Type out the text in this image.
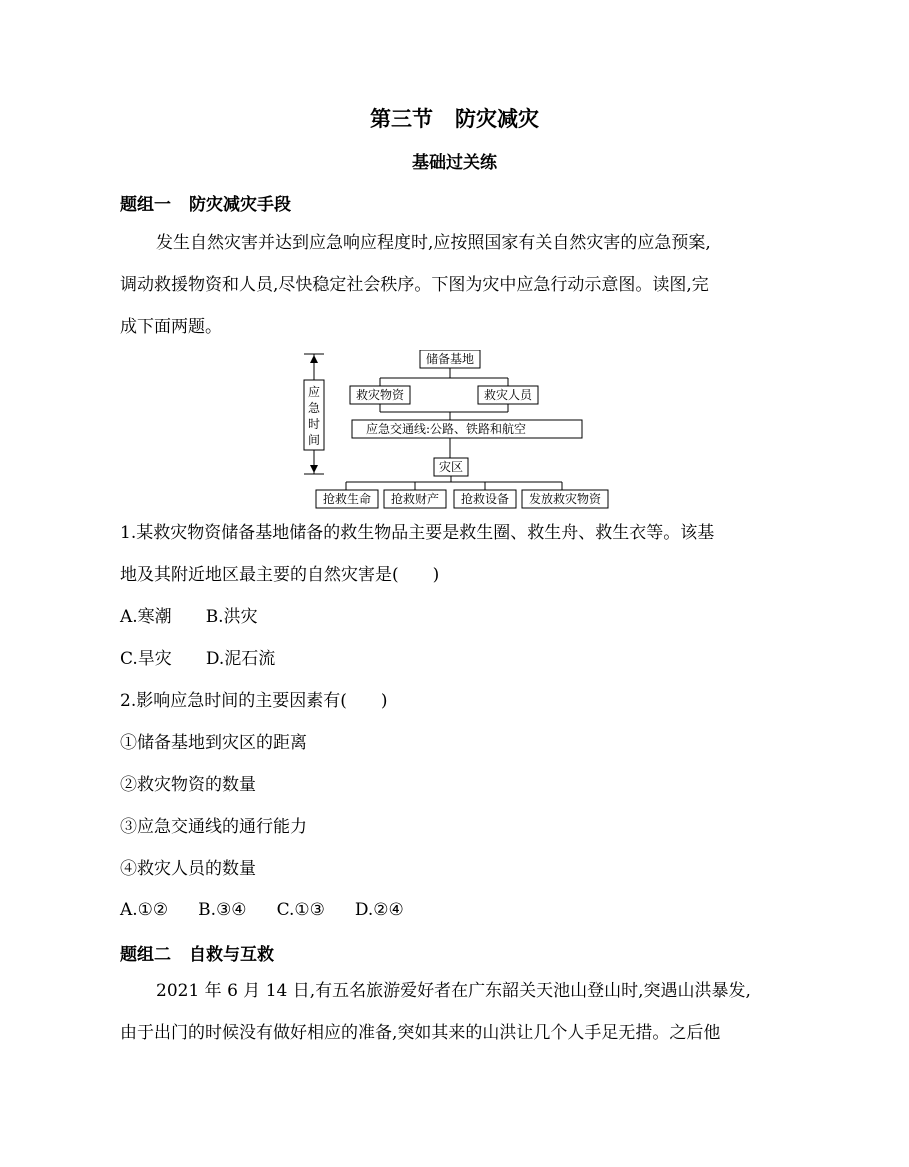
第三节 防灾减灾
基础过关练
题组一 防灾减灾手段
发生自然灾害并达到应急响应程度时,应按照国家有关自然灾害的应急预案,
调动救援物资和人员,尽快稳定社会秩序。下图为灾中应急行动示意图。读图,完
成下面两题。
应
急
时
间
储备基地
救灾物资	救灾人员
应急交通线:公路、铁路和航空
灾区
抢救生命 抢救财产 抢救设备 发放救灾物资
1.某救灾物资储备基地储备的救生物品主要是救生圈、救生舟、救生衣等。该基
地及其附近地区最主要的自然灾害是(　　)
A.寒潮 B.洪灾
C.旱灾 D.泥石流
2.影响应急时间的主要因素有(　　)
①储备基地到灾区的距离
②救灾物资的数量
③应急交通线的通行能力
④救灾人员的数量
A.①② B.③④ C.①③ D.②④
题组二 自救与互救
2021 年 6 月 14 日,有五名旅游爱好者在广东韶关天池山登山时,突遇山洪暴发,
由于出门的时候没有做好相应的准备,突如其来的山洪让几个人手足无措。之后他
